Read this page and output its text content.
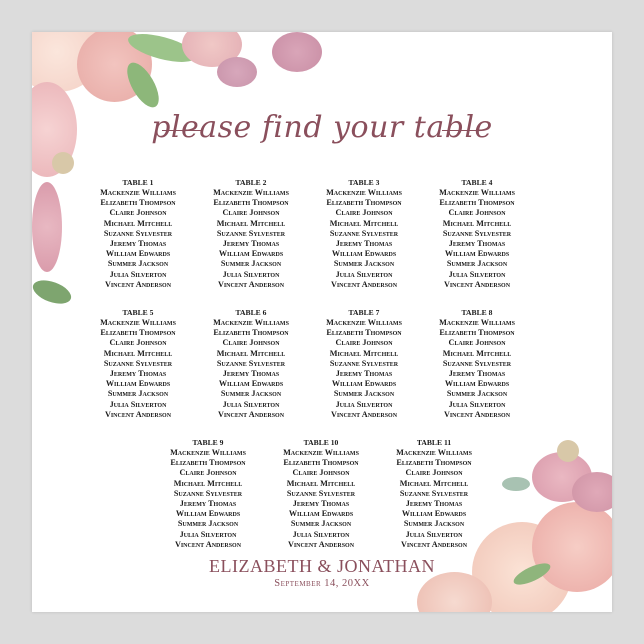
please find your table
TABLE 1
Mackenzie Williams
Elizabeth Thompson
Claire Johnson
Michael Mitchell
Suzanne Sylvester
Jeremy Thomas
William Edwards
Summer Jackson
Julia Silverton
Vincent Anderson
TABLE 2
Mackenzie Williams
Elizabeth Thompson
Claire Johnson
Michael Mitchell
Suzanne Sylvester
Jeremy Thomas
William Edwards
Summer Jackson
Julia Silverton
Vincent Anderson
TABLE 3
Mackenzie Williams
Elizabeth Thompson
Claire Johnson
Michael Mitchell
Suzanne Sylvester
Jeremy Thomas
William Edwards
Summer Jackson
Julia Silverton
Vincent Anderson
TABLE 4
Mackenzie Williams
Elizabeth Thompson
Claire Johnson
Michael Mitchell
Suzanne Sylvester
Jeremy Thomas
William Edwards
Summer Jackson
Julia Silverton
Vincent Anderson
TABLE 5
Mackenzie Williams
Elizabeth Thompson
Claire Johnson
Michael Mitchell
Suzanne Sylvester
Jeremy Thomas
William Edwards
Summer Jackson
Julia Silverton
Vincent Anderson
TABLE 6
Mackenzie Williams
Elizabeth Thompson
Claire Johnson
Michael Mitchell
Suzanne Sylvester
Jeremy Thomas
William Edwards
Summer Jackson
Julia Silverton
Vincent Anderson
TABLE 7
Mackenzie Williams
Elizabeth Thompson
Claire Johnson
Michael Mitchell
Suzanne Sylvester
Jeremy Thomas
William Edwards
Summer Jackson
Julia Silverton
Vincent Anderson
TABLE 8
Mackenzie Williams
Elizabeth Thompson
Claire Johnson
Michael Mitchell
Suzanne Sylvester
Jeremy Thomas
William Edwards
Summer Jackson
Julia Silverton
Vincent Anderson
TABLE 9
Mackenzie Williams
Elizabeth Thompson
Claire Johnson
Michael Mitchell
Suzanne Sylvester
Jeremy Thomas
William Edwards
Summer Jackson
Julia Silverton
Vincent Anderson
TABLE 10
Mackenzie Williams
Elizabeth Thompson
Claire Johnson
Michael Mitchell
Suzanne Sylvester
Jeremy Thomas
William Edwards
Summer Jackson
Julia Silverton
Vincent Anderson
TABLE 11
Mackenzie Williams
Elizabeth Thompson
Claire Johnson
Michael Mitchell
Suzanne Sylvester
Jeremy Thomas
William Edwards
Summer Jackson
Julia Silverton
Vincent Anderson
ELIZABETH & JONATHAN
September 14, 20XX
